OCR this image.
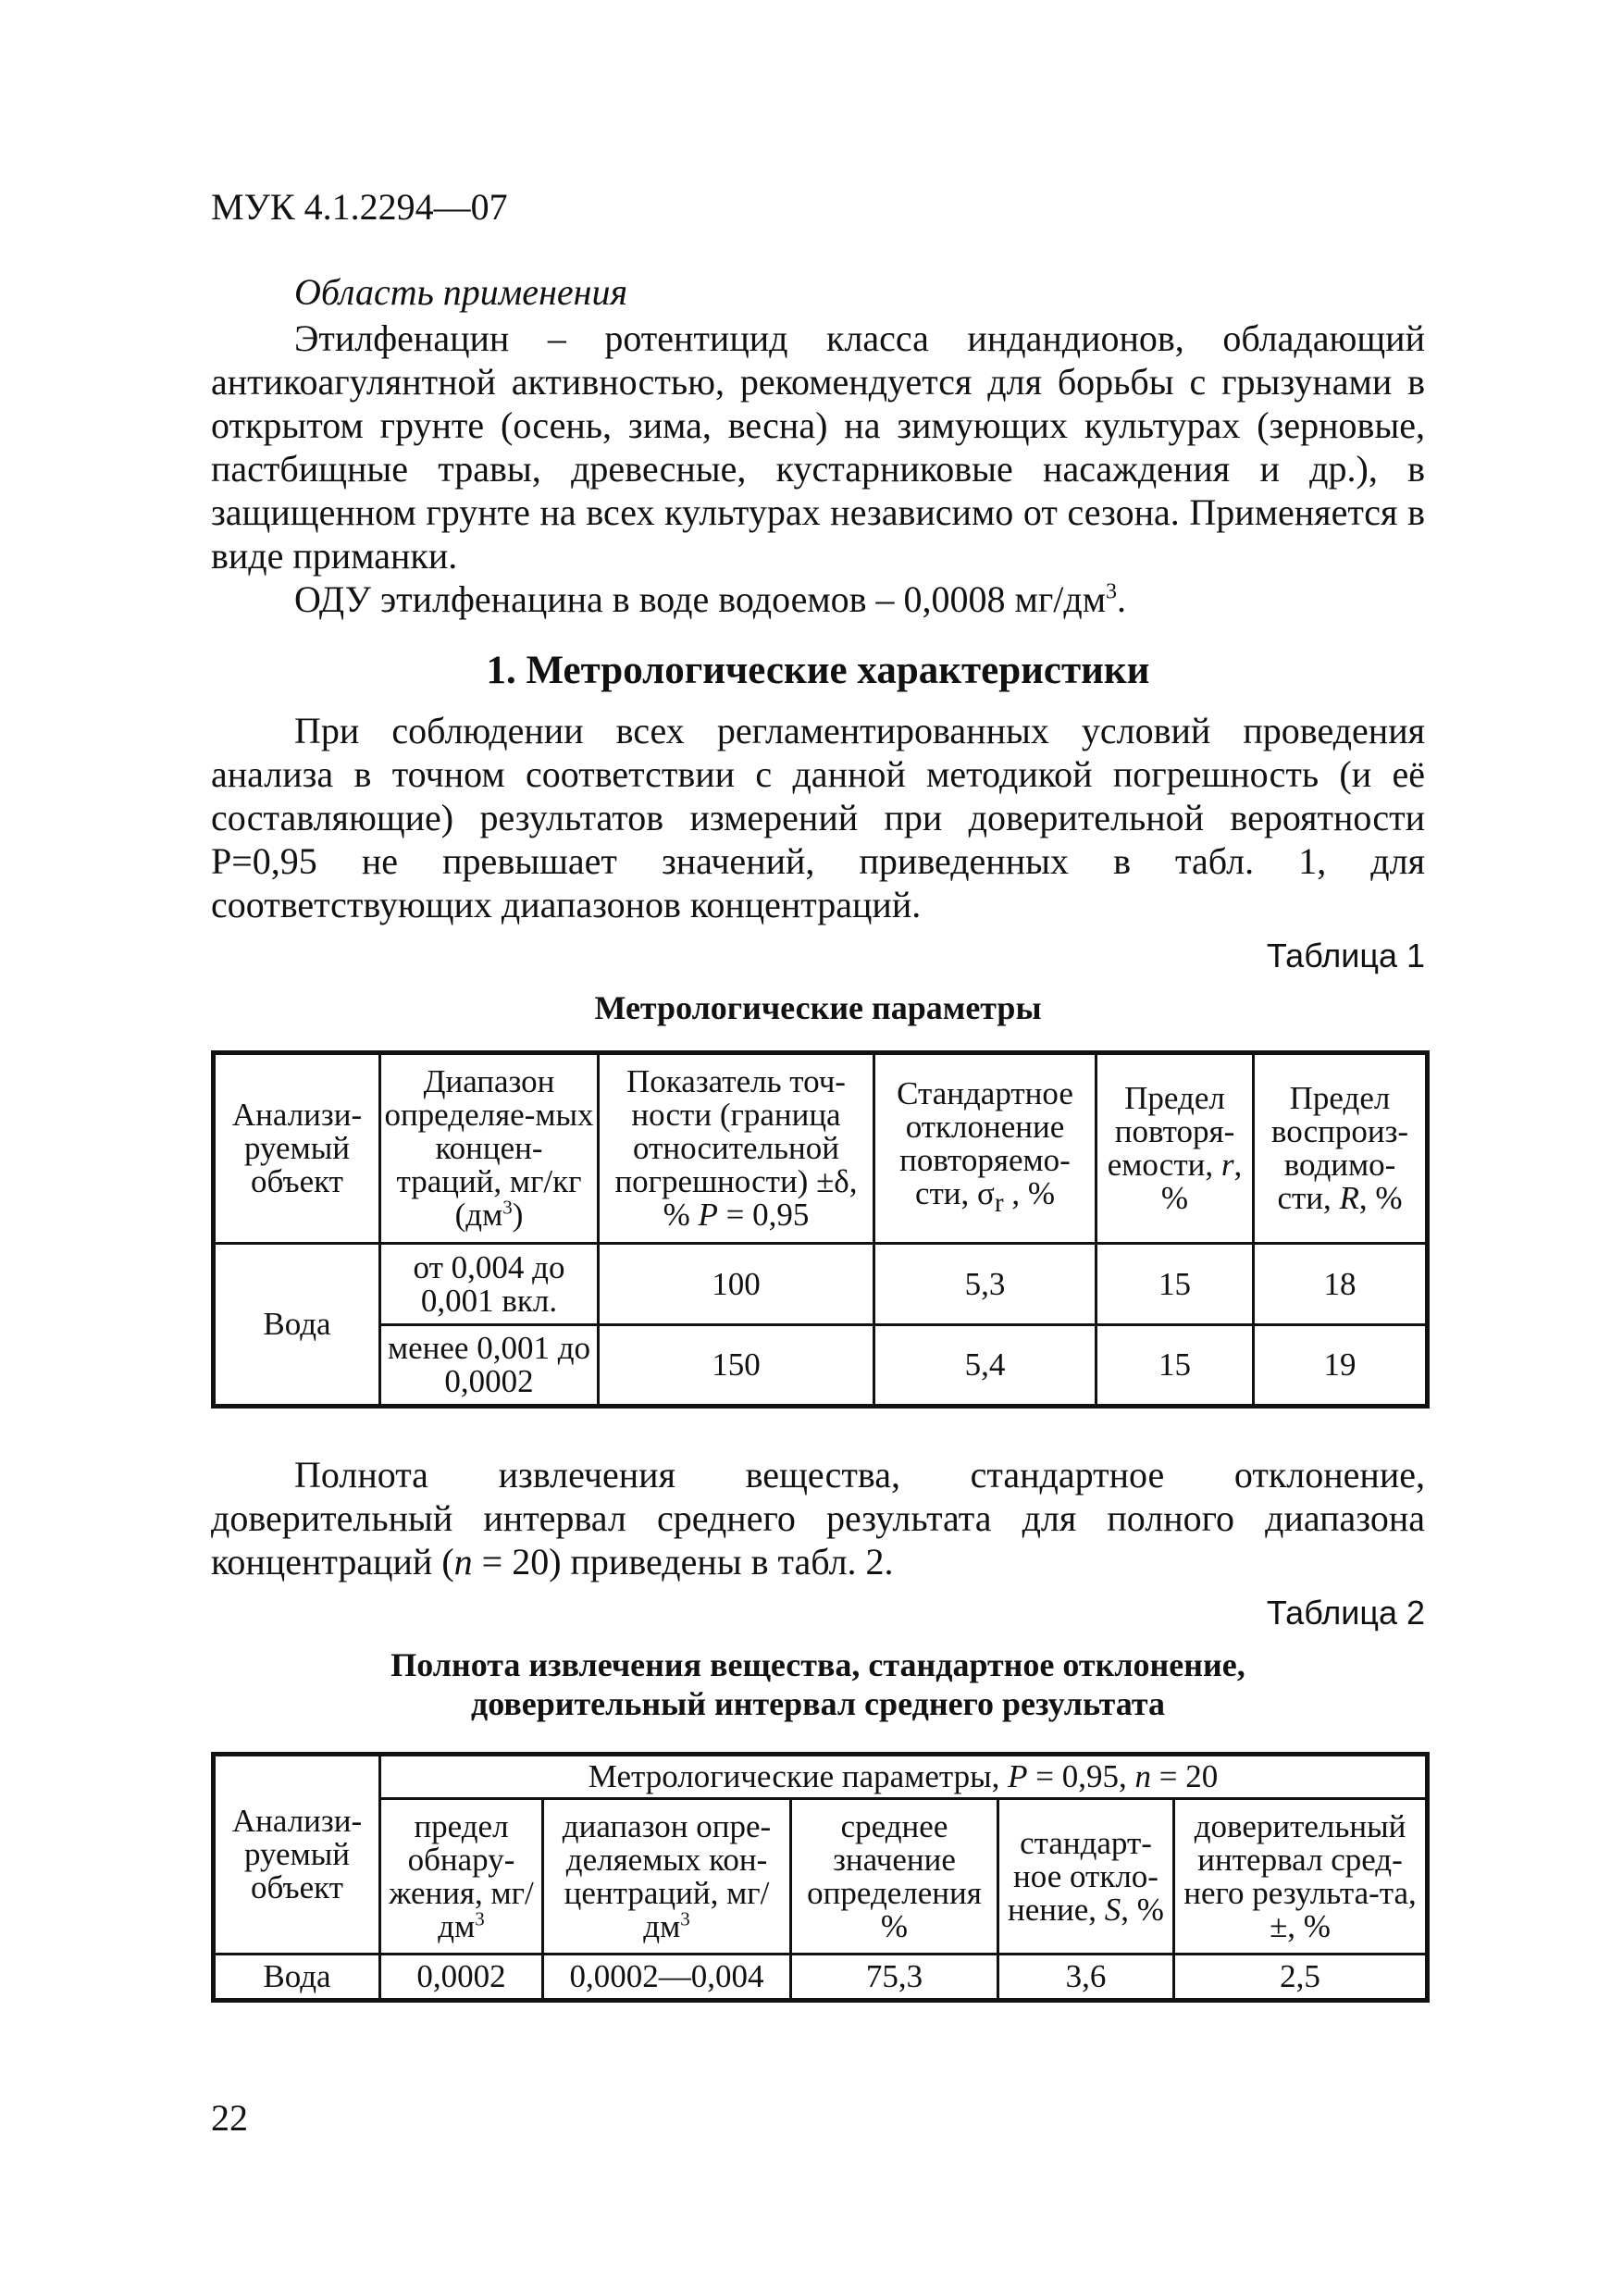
МУК 4.1.2294—07
Область применения
Этилфенацин – ротентицид класса индандионов, обладающий антикоагулянтной активностью, рекомендуется для борьбы с грызунами в открытом грунте (осень, зима, весна) на зимующих культурах (зерновые, пастбищные травы, древесные, кустарниковые насаждения и др.), в защищенном грунте на всех культурах независимо от сезона. Применяется в виде приманки.
ОДУ этилфенацина в воде водоемов – 0,0008 $мг/дм^3$.
1. Метрологические характеристики
При соблюдении всех регламентированных условий проведения анализа в точном соответствии с данной методикой погрешность (и её составляющие) результатов измерений при доверительной вероятности Р=0,95 не превышает значений, приведенных в табл. 1, для соответствующих диапазонов концентраций.
Таблица 1
Метрологические параметры
Анализи-руемый объект	Диапазон определяе-мых концен-траций, мг/кг $(дм^3)$	Показатель точ-ности (граница относительной погрешности) ±δ, % Р = 0,95	Стандартное отклонение повторяемо-сти, $\sigma_r$ , %	Предел повторя-емости, r, %	Предел воспроиз-водимо-сти, R, %
Вода	от 0,004 до 0,001 вкл.	100	5,3	15	18
	менее 0,001 до 0,0002	150	5,4	15	19
Полнота извлечения вещества, стандартное отклонение, доверительный интервал среднего результата для полного диапазона концентраций (n = 20) приведены в табл. 2.
Таблица 2
Полнота извлечения вещества, стандартное отклонение,
доверительный интервал среднего результата
Анализи-руемый объект	Метрологические параметры, Р = 0,95, n = 20				
	предел обнару-жения, $мг/дм^3$	диапазон опре-деляемых кон-центраций, $мг/дм^3$	среднее значение определения %	стандарт-ное откло-нение, S, %	доверительный интервал сред-него результа-та, ±, %
Вода	0,0002	0,0002—0,004	75,3	3,6	2,5
22
